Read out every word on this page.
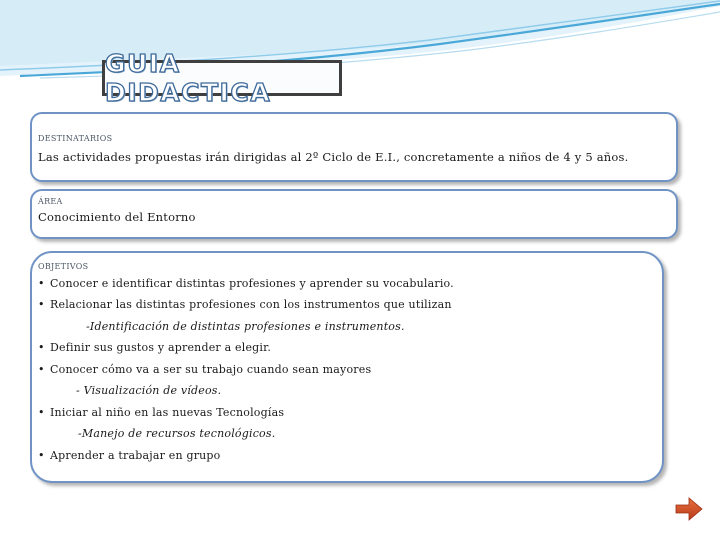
GUIA DIDACTICA
DESTINATARIOS
Las actividades propuestas irán dirigidas al 2º Ciclo de E.I., concretamente a niños de 4 y 5 años.
ÁREA
Conocimiento del Entorno
OBJETIVOS
• Conocer e identificar distintas profesiones y aprender su vocabulario.
• Relacionar las distintas profesiones con los instrumentos que utilizan
-Identificación de distintas profesiones e instrumentos.
• Definir sus gustos y aprender a elegir.
• Conocer cómo va a ser su trabajo cuando sean mayores
- Visualización de vídeos.
• Iniciar al niño en las nuevas Tecnologías
-Manejo de recursos tecnológicos.
• Aprender a trabajar en grupo
